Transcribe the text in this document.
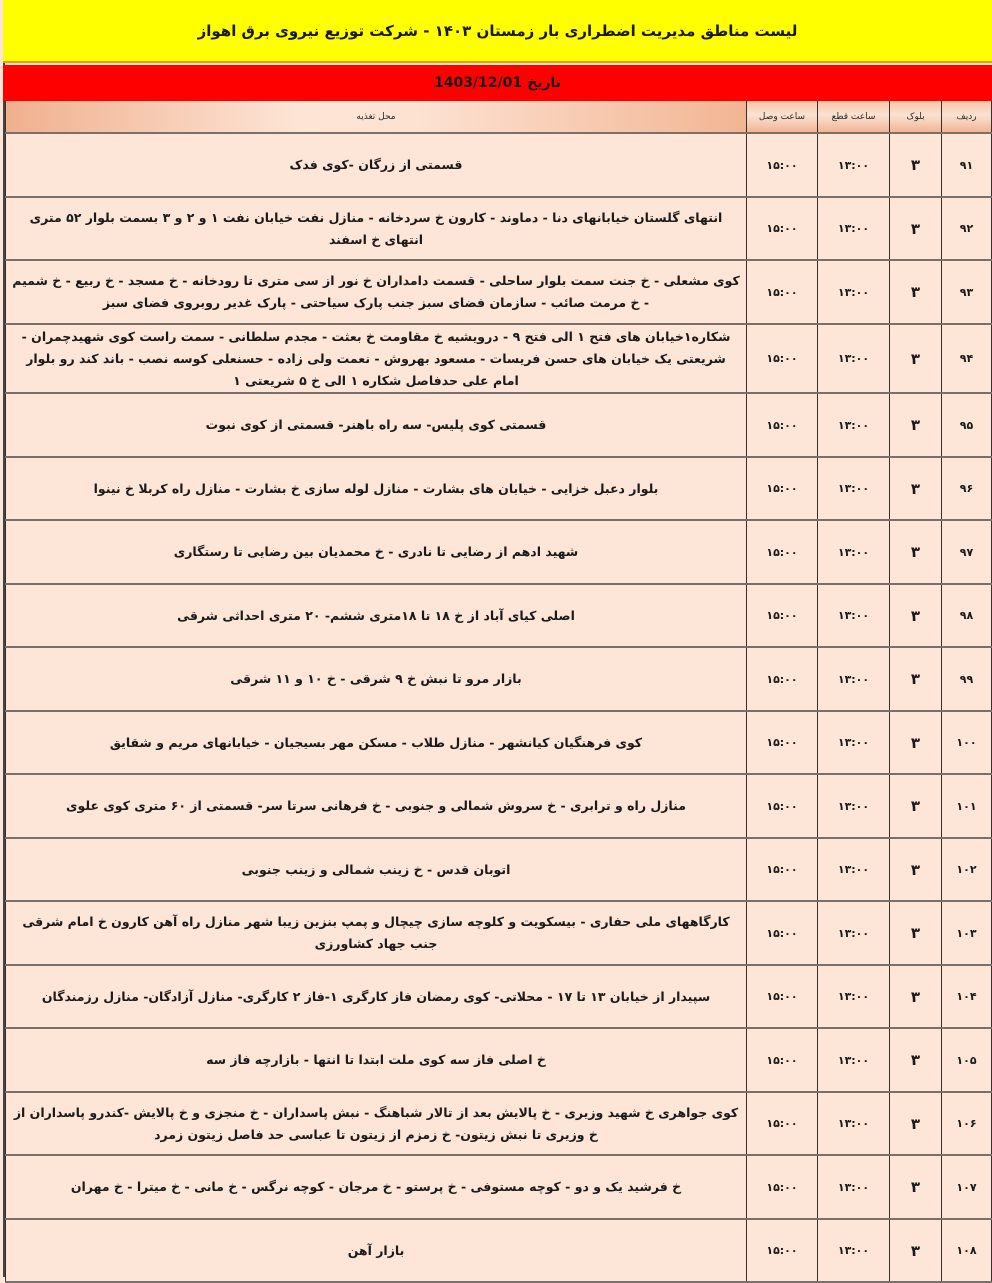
لیست مناطق مدیریت اضطراری بار زمستان ۱۴۰۳ - شرکت توزیع نیروی برق اهواز
تاریخ
1403/12/01
ردیف	بلوک	ساعت قطع	ساعت وصل	محل تغذیه
۹۱	۳	۱۳:۰۰	۱۵:۰۰	قسمتی از زرگان -کوی فدک
۹۲	۳	۱۳:۰۰	۱۵:۰۰	انتهای گلستان خیابانهای دنا - دماوند - کارون خ سردخانه - منازل نفت خیابان نفت ۱ و ۲ و ۳ بسمت بلوار ۵۲ متری انتهای خ اسفند
۹۳	۳	۱۳:۰۰	۱۵:۰۰	کوی مشعلی - خ جنت سمت بلوار ساحلی - قسمت دامداران خ نور از سی متری تا رودخانه - خ مسجد - خ ربیع - خ شمیم - خ مرمت صائب - سازمان فضای سبز جنب پارک سیاحتی - پارک غدیر روبروی فضای سبز
۹۴	۳	۱۳:۰۰	۱۵:۰۰	شکاره۱خیابان های فتح ۱ الی فتح ۹ - درویشیه خ مقاومت خ بعثت - مجدم سلطانی - سمت راست کوی شهیدچمران - شریعتی یک خیابان های حسن فریسات - مسعود بهروش - نعمت ولی زاده - حسنعلی کوسه نصب - باند کند رو بلوار امام علی حدفاصل شکاره ۱ الی خ ۵ شریعتی ۱
۹۵	۳	۱۳:۰۰	۱۵:۰۰	قسمتی کوی پلیس- سه راه باهنر- قسمتی از کوی نبوت
۹۶	۳	۱۳:۰۰	۱۵:۰۰	بلوار دعبل خزایی - خیابان های بشارت - منازل لوله سازی خ بشارت - منازل راه کربلا خ نینوا
۹۷	۳	۱۳:۰۰	۱۵:۰۰	شهید ادهم از رضایی تا نادری - خ محمدیان بین رضایی تا رستگاری
۹۸	۳	۱۳:۰۰	۱۵:۰۰	اصلی کیای آباد از خ ۱۸ تا ۱۸متری ششم- ۲۰ متری احداثی شرقی
۹۹	۳	۱۳:۰۰	۱۵:۰۰	بازار مرو تا نبش خ ۹ شرقی - خ ۱۰ و ۱۱ شرقی
۱۰۰	۳	۱۳:۰۰	۱۵:۰۰	کوی فرهنگیان کیانشهر - منازل طلاب - مسکن مهر بسیجیان - خیابانهای مریم و شقایق
۱۰۱	۳	۱۳:۰۰	۱۵:۰۰	منازل راه و ترابری - خ سروش شمالی و جنوبی - خ فرهانی سرتا سر- قسمتی از ۶۰ متری کوی علوی
۱۰۲	۳	۱۳:۰۰	۱۵:۰۰	اتوبان قدس - خ زینب شمالی و زینب جنوبی
۱۰۳	۳	۱۳:۰۰	۱۵:۰۰	کارگاههای ملی حفاری - بیسکویت و کلوچه سازی چیچال و پمپ بنزین زیبا شهر منازل راه آهن کارون خ امام شرقی جنب جهاد کشاورزی
۱۰۴	۳	۱۳:۰۰	۱۵:۰۰	سپیدار از خیابان ۱۳ تا ۱۷ - محلاتی- کوی رمضان فاز کارگری ۱-فاز ۲ کارگری- منازل آزادگان- منازل رزمندگان
۱۰۵	۳	۱۳:۰۰	۱۵:۰۰	خ اصلی فاز سه کوی ملت ابتدا تا انتها - بازارچه فاز سه
۱۰۶	۳	۱۳:۰۰	۱۵:۰۰	کوی جواهری خ شهید وزیری - خ پالایش بعد از تالار شباهنگ - نبش پاسداران - خ منجزی و خ پالایش -کندرو پاسداران از خ وزیری تا نبش زیتون- خ زمزم از زیتون تا عباسی حد فاصل زیتون زمرد
۱۰۷	۳	۱۳:۰۰	۱۵:۰۰	خ فرشید یک و دو - کوچه مستوفی - خ پرستو - خ مرجان - کوچه نرگس - خ مانی - خ میترا - خ مهران
۱۰۸	۳	۱۳:۰۰	۱۵:۰۰	بازار آهن
